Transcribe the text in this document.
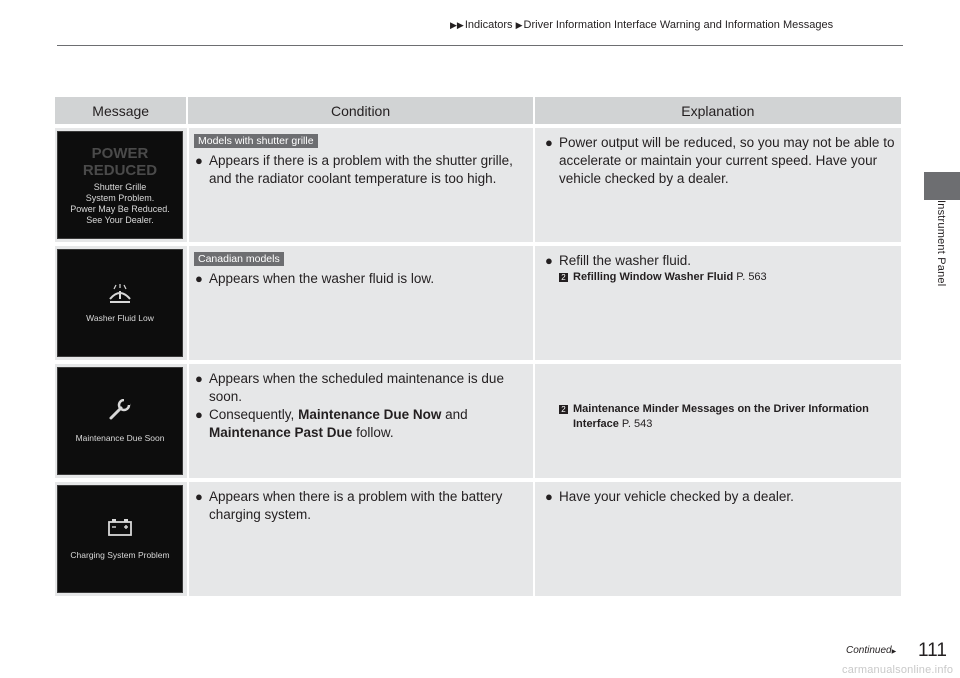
▶▶Indicators ▶Driver Information Interface Warning and Information Messages
Instrument Panel
Message	Condition	Explanation
POWER
REDUCED
Shutter Grille
System Problem.
Power May Be Reduced.
See Your Dealer.
Models with shutter grille
● Appears if there is a problem with the shutter grille, and the radiator coolant temperature is too high.
● Power output will be reduced, so you may not be able to accelerate or maintain your current speed. Have your vehicle checked by a dealer.
Washer Fluid Low
Canadian models
● Appears when the washer fluid is low.
● Refill the washer fluid.
2 Refilling Window Washer Fluid P. 563
Maintenance Due Soon
● Appears when the scheduled maintenance is due soon.
● Consequently, Maintenance Due Now and Maintenance Past Due follow.
2 Maintenance Minder Messages on the Driver Information Interface P. 543
Charging System Problem
● Appears when there is a problem with the battery charging system.
● Have your vehicle checked by a dealer.
Continued▶ 111
carmanualsonline.info
